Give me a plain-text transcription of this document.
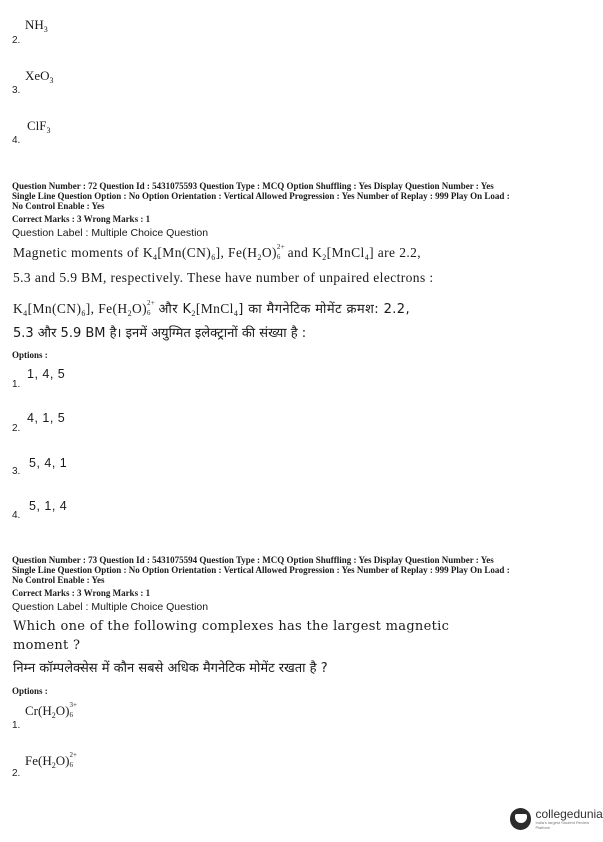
$NH_3$
2.
XeO$_3$
3.
ClF$_3$
4.
Question Number : 72 Question Id : 5431075593 Question Type : MCQ Option Shuffling : Yes Display Question Number : Yes
Single Line Question Option : No Option Orientation : Vertical Allowed Progression : Yes Number of Replay : 999 Play On Load :
No Control Enable : Yes
Correct Marks : 3 Wrong Marks : 1
Question Label : Multiple Choice Question
Magnetic moments of $K_4[Mn(CN)_6]$, $Fe(H_2O)$ 2+
6 and $K_2[MnCl_4]$ are 2.2,
5.3 and 5.9 BM, respectively. These have number of unpaired electrons :
$K_4[Mn(CN)_6]$, $Fe(H_2O)$ 2+
6 और $K_2[MnCl_4]$ का मैगनेटिक मोमेंट क्रमश: 2.2,
5.3 और 5.9 BM है। इनमें अयुग्मित इलेक्ट्रानों की संख्या है :
Options :
1, 4, 5
1.
4, 1, 5
2.
5, 4, 1
3.
5, 1, 4
4.
Question Number : 73 Question Id : 5431075594 Question Type : MCQ Option Shuffling : Yes Display Question Number : Yes
Single Line Question Option : No Option Orientation : Vertical Allowed Progression : Yes Number of Replay : 999 Play On Load :
No Control Enable : Yes
Correct Marks : 3 Wrong Marks : 1
Question Label : Multiple Choice Question
Which one of the following complexes has the largest magnetic
moment ?
निम्न कॉम्पलेक्सेस में कौन सबसे अधिक मैगनेटिक मोमेंट रखता है ?
Options :
$Cr(H_2O)$ 3+
6
1.
$Fe(H_2O)$ 2+
6
2.
collegedunia
India's largest Student Review Platform
